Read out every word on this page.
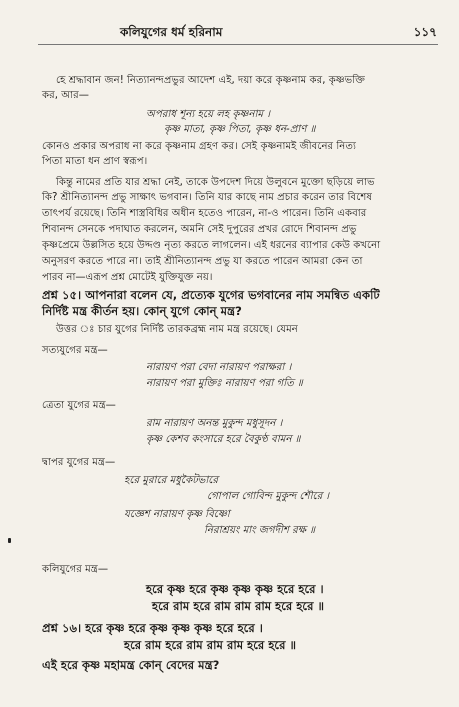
কলিযুগের ধর্ম হরিনাম	১১৭
হে শ্রদ্ধাবান জন! নিত্যানন্দপ্রভুর আদেশ এই, দয়া করে কৃষ্ণনাম কর, কৃষ্ণভক্তি
কর, আর—
অপরাধ শূন্য হয়ে লহ কৃষ্ণনাম ।
কৃষ্ণ মাতা, কৃষ্ণ পিতা, কৃষ্ণ ধন-প্রাণ ॥
কোনও প্রকার অপরাধ না করে কৃষ্ণনাম গ্রহণ কর। সেই কৃষ্ণনামই জীবনের নিত্য
পিতা মাতা ধন প্রাণ স্বরূপ।
কিন্তু নামের প্রতি যার শ্রদ্ধা নেই, তাকে উপদেশ দিয়ে উলুবনে মুক্তো ছড়িয়ে লাভ
কি? শ্রীনিত্যানন্দ প্রভু সাক্ষাৎ ভগবান। তিনি যার কাছে নাম প্রচার করেন তার বিশেষ
তাৎপর্য রয়েছে। তিনি শাস্ত্রবিধির অধীন হতেও পারেন, না-ও পারেন। তিনি একবার
শিবানন্দ সেনকে পদাঘাত করলেন, অমনি সেই দুপুরের প্রখর রোদে শিবানন্দ প্রভু
কৃষ্ণপ্রেমে উল্লসিত হয়ে উদ্দণ্ড নৃত্য করতে লাগলেন। এই ধরনের ব্যাপার কেউ কখনো
অনুসরণ করতে পারে না। তাই শ্রীনিত্যানন্দ প্রভু যা করতে পারেন আমরা কেন তা
পারব না—এরূপ প্রশ্ন মোটেই যুক্তিযুক্ত নয়।
প্রশ্ন ১৫। আপনারা বলেন যে, প্রত্যেক যুগের ভগবানের নাম সমন্বিত একটি
নির্দিষ্ট মন্ত্র কীর্তন হয়। কোন্ যুগে কোন্ মন্ত্র?
উত্তর ঃ চার যুগের নির্দিষ্ট তারকব্রহ্ম নাম মন্ত্র রয়েছে। যেমন
সত্যযুগের মন্ত্র—
নারায়ণ পরা বেদা নারায়ণ পরাক্ষরা ।
নারায়ণ পরা মুক্তিঃ নারায়ণ পরা গতি ॥
ত্রেতা যুগের মন্ত্র—
রাম নারায়ণ অনন্ত মুকুন্দ মধুসূদন ।
কৃষ্ণ কেশব কংসারে হরে বৈকুণ্ঠ বামন ॥
দ্বাপর যুগের মন্ত্র—
হরে মুরারে মধুকৈটভারে
গোপাল গোবিন্দ মুকুন্দ শৌরে ।
যজ্ঞেশ নারায়ণ কৃষ্ণ বিষ্ণো
নিরাশ্রয়ং মাং জগদীশ রক্ষ ॥
কলিযুগের মন্ত্র—
হরে কৃষ্ণ হরে কৃষ্ণ কৃষ্ণ কৃষ্ণ হরে হরে ।
হরে রাম হরে রাম রাম রাম হরে হরে ॥
প্রশ্ন ১৬। হরে কৃষ্ণ হরে কৃষ্ণ কৃষ্ণ কৃষ্ণ হরে হরে ।
হরে রাম হরে রাম রাম রাম হরে হরে ॥
এই হরে কৃষ্ণ মহামন্ত্র কোন্ বেদের মন্ত্র?
